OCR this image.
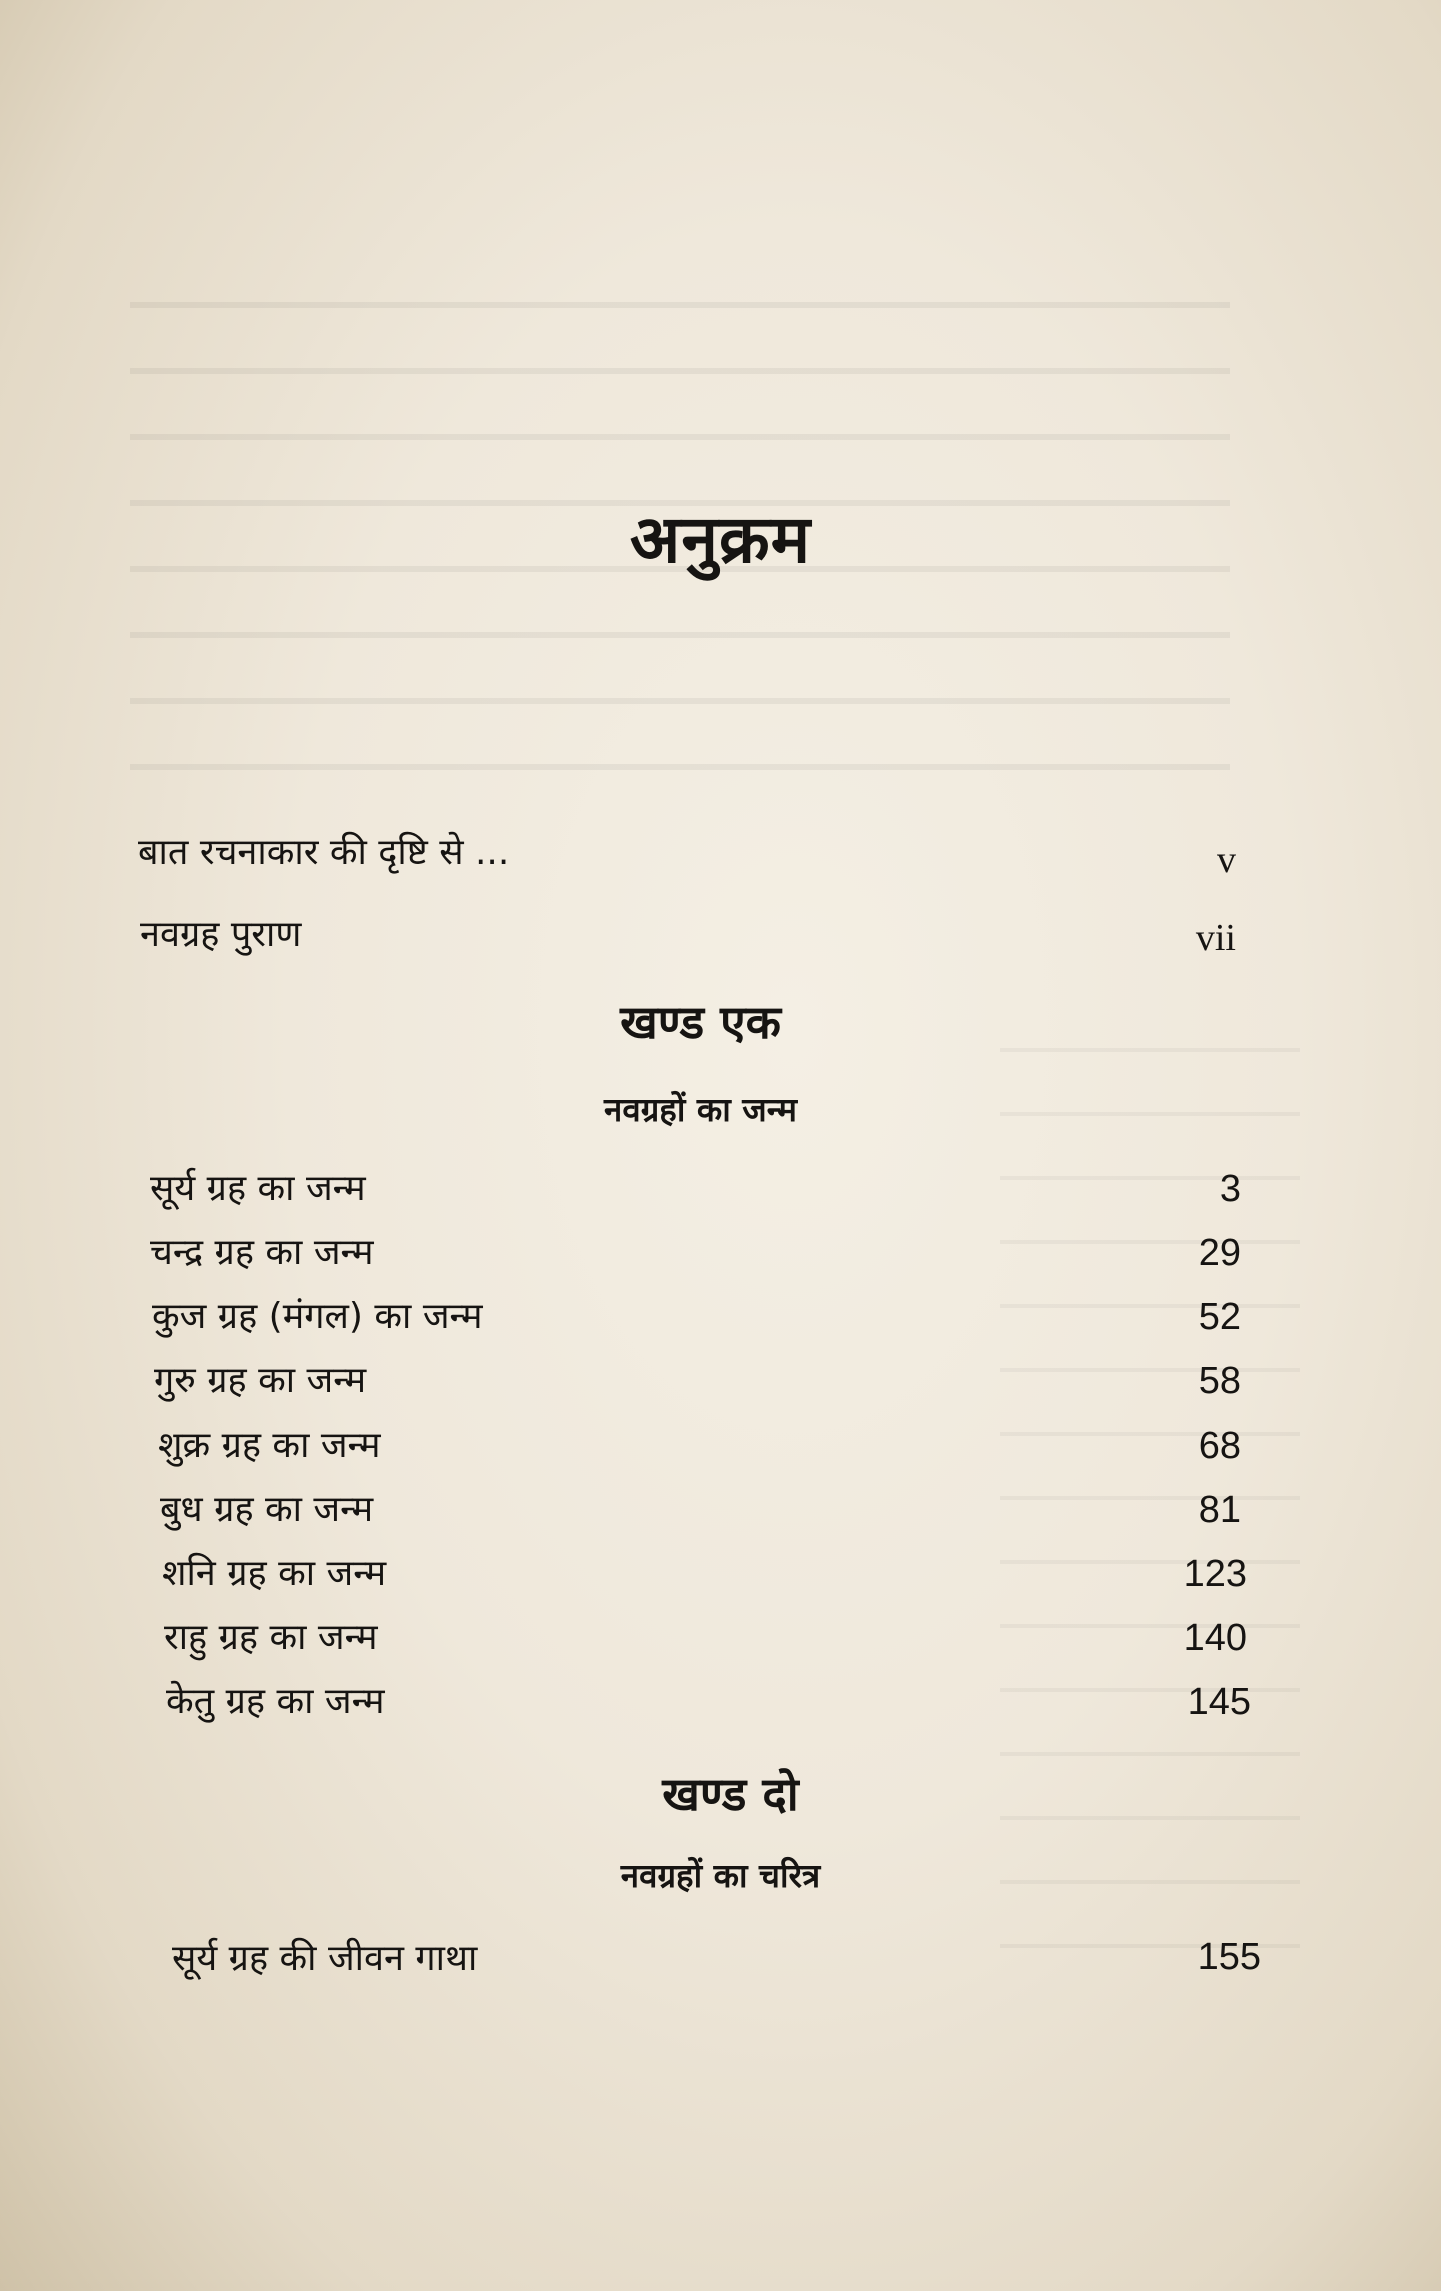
अनुक्रम
बात रचनाकार की दृष्टि से ...	v
नवग्रह पुराण	vii
खण्ड एक
नवग्रहों का जन्म
सूर्य ग्रह का जन्म	3
चन्द्र ग्रह का जन्म	29
कुज ग्रह (मंगल) का जन्म	52
गुरु ग्रह का जन्म	58
शुक्र ग्रह का जन्म	68
बुध ग्रह का जन्म	81
शनि ग्रह का जन्म	123
राहु ग्रह का जन्म	140
केतु ग्रह का जन्म	145
खण्ड दो
नवग्रहों का चरित्र
सूर्य ग्रह की जीवन गाथा	155
